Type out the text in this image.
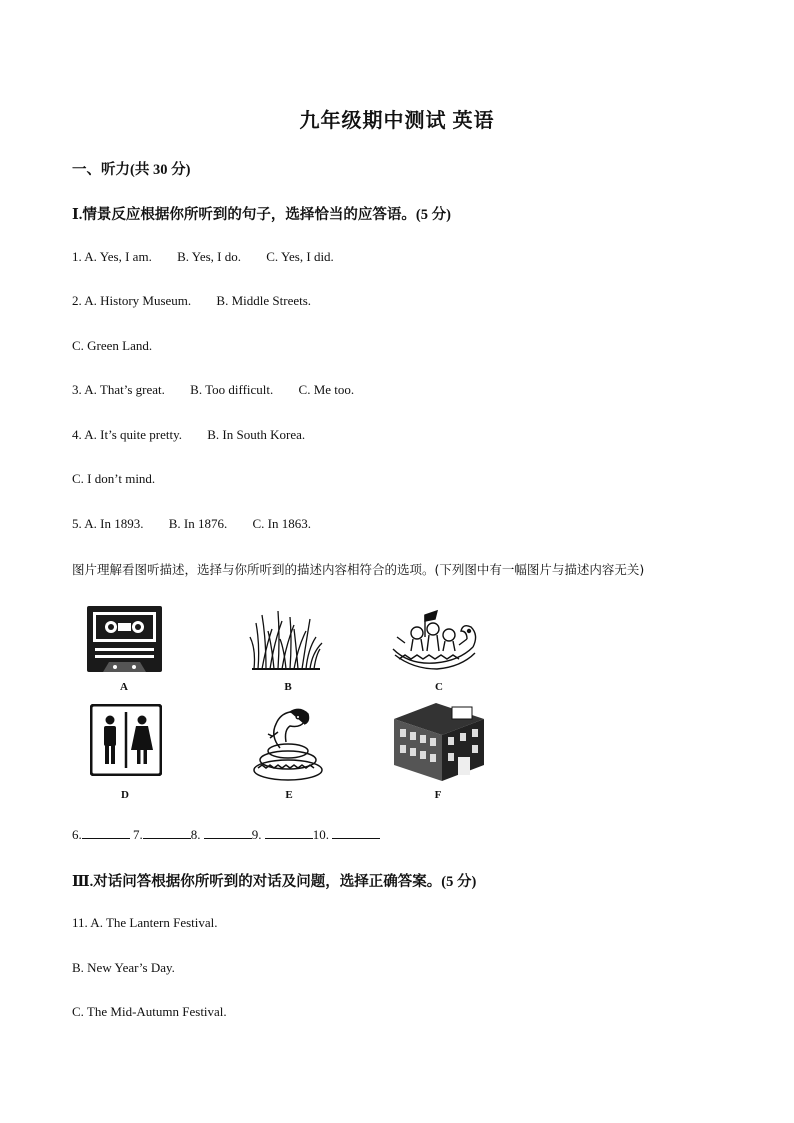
九年级期中测试 英语
一、听力(共 30 分)
Ⅰ.情景反应根据你所听到的句子，选择恰当的应答语。(5 分)
1. A. Yes, I am. B. Yes, I do. C. Yes, I did.
2. A. History Museum. B. Middle Streets.
C. Green Land.
3. A. That’s great. B. Too difficult. C. Me too.
4. A. It’s quite pretty. B. In South Korea.
C. I don’t mind.
5. A. In 1893. B. In 1876. C. In 1863.
图片理解看图听描述，选择与你所听到的描述内容相符合的选项。(下列图中有一幅图片与描述内容无关)
A	B	C
D	E	F
6.	7.	8.	9.	10.
Ⅲ.对话问答根据你所听到的对话及问题，选择正确答案。(5 分)
11. A. The Lantern Festival.
B. New Year’s Day.
C. The Mid-Autumn Festival.
